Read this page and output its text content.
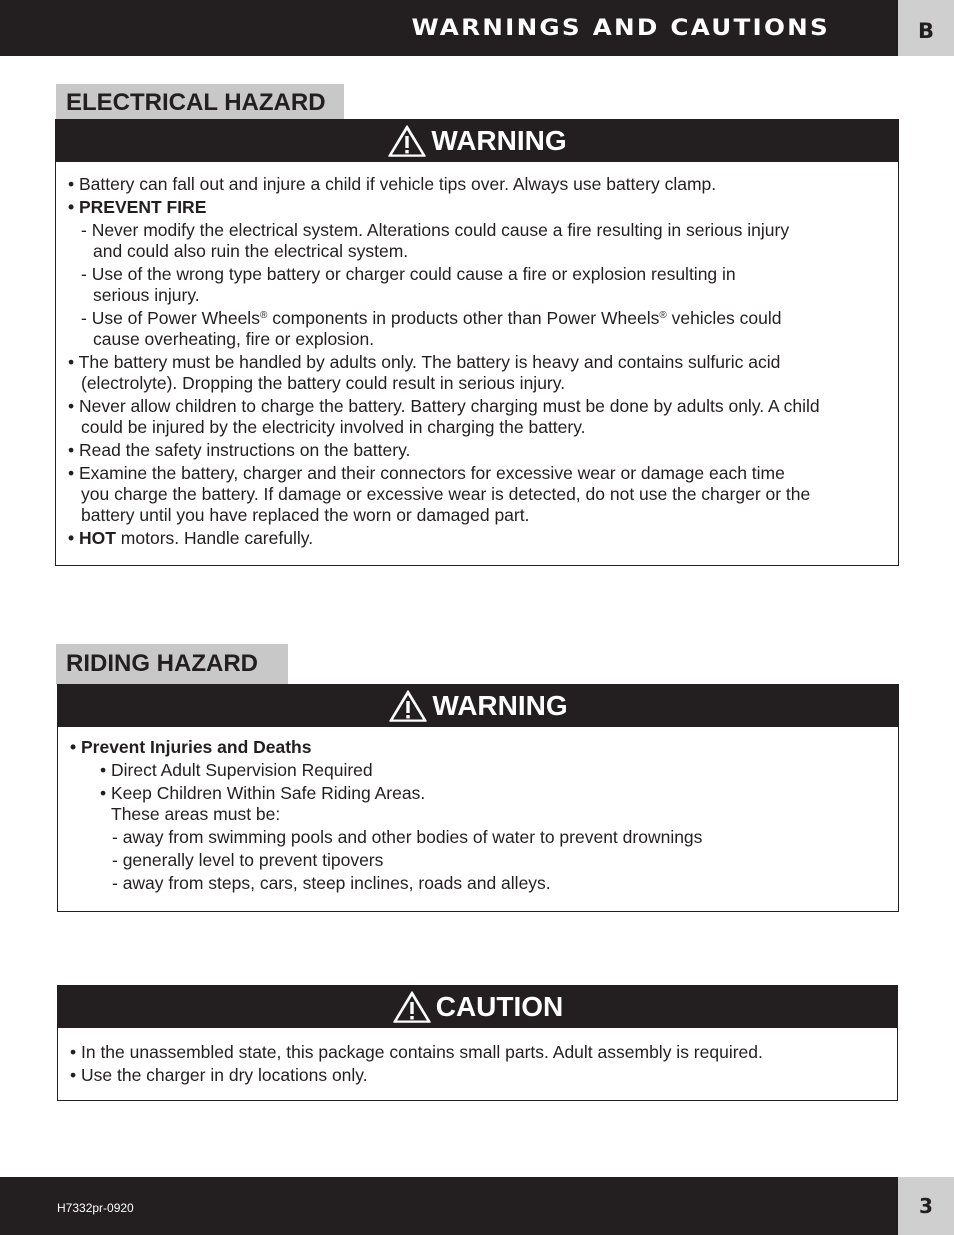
WARNINGS AND CAUTIONS	B
ELECTRICAL HAZARD
WARNING
• Battery can fall out and injure a child if vehicle tips over. Always use battery clamp.
• PREVENT FIRE
- Never modify the electrical system. Alterations could cause a fire resulting in serious injury
and could also ruin the electrical system.
- Use of the wrong type battery or charger could cause a fire or explosion resulting in
serious injury.
- Use of Power Wheels® components in products other than Power Wheels® vehicles could
cause overheating, fire or explosion.
• The battery must be handled by adults only. The battery is heavy and contains sulfuric acid
(electrolyte). Dropping the battery could result in serious injury.
• Never allow children to charge the battery. Battery charging must be done by adults only. A child
could be injured by the electricity involved in charging the battery.
• Read the safety instructions on the battery.
• Examine the battery, charger and their connectors for excessive wear or damage each time
you charge the battery. If damage or excessive wear is detected, do not use the charger or the
battery until you have replaced the worn or damaged part.
• HOT motors. Handle carefully.
RIDING HAZARD
WARNING
• Prevent Injuries and Deaths
• Direct Adult Supervision Required
• Keep Children Within Safe Riding Areas.
These areas must be:
- away from swimming pools and other bodies of water to prevent drownings
- generally level to prevent tipovers
- away from steps, cars, steep inclines, roads and alleys.
CAUTION
• In the unassembled state, this package contains small parts. Adult assembly is required.
• Use the charger in dry locations only.
H7332pr-0920	3
